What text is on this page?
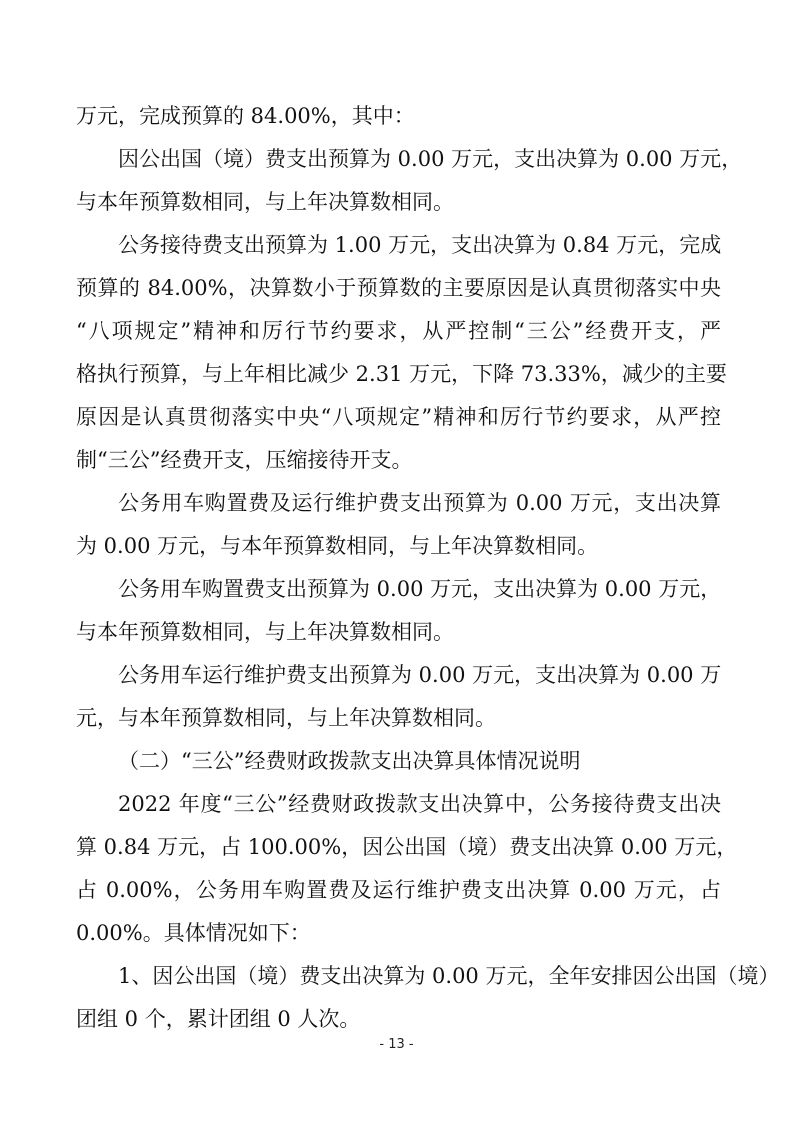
万元，完成预算的 84.00%，其中：
因公出国（境）费支出预算为 0.00 万元，支出决算为 0.00 万元，
与本年预算数相同，与上年决算数相同。
公务接待费支出预算为 1.00 万元，支出决算为 0.84 万元，完成
预算的 84.00%，决算数小于预算数的主要原因是认真贯彻落实中央
“八项规定”精神和厉行节约要求，从严控制“三公”经费开支，严
格执行预算，与上年相比减少 2.31 万元，下降 73.33%，减少的主要
原因是认真贯彻落实中央“八项规定”精神和厉行节约要求，从严控
制“三公”经费开支，压缩接待开支。
公务用车购置费及运行维护费支出预算为 0.00 万元，支出决算
为 0.00 万元，与本年预算数相同，与上年决算数相同。
公务用车购置费支出预算为 0.00 万元，支出决算为 0.00 万元，
与本年预算数相同，与上年决算数相同。
公务用车运行维护费支出预算为 0.00 万元，支出决算为 0.00 万
元，与本年预算数相同，与上年决算数相同。
（二）“三公”经费财政拨款支出决算具体情况说明
2022 年度“三公”经费财政拨款支出决算中，公务接待费支出决
算 0.84 万元，占 100.00%，因公出国（境）费支出决算 0.00 万元，
占 0.00%，公务用车购置费及运行维护费支出决算 0.00 万元，占
0.00%。具体情况如下：
1、因公出国（境）费支出决算为 0.00 万元，全年安排因公出国（境）
团组 0 个，累计团组 0 人次。
- 13 -
